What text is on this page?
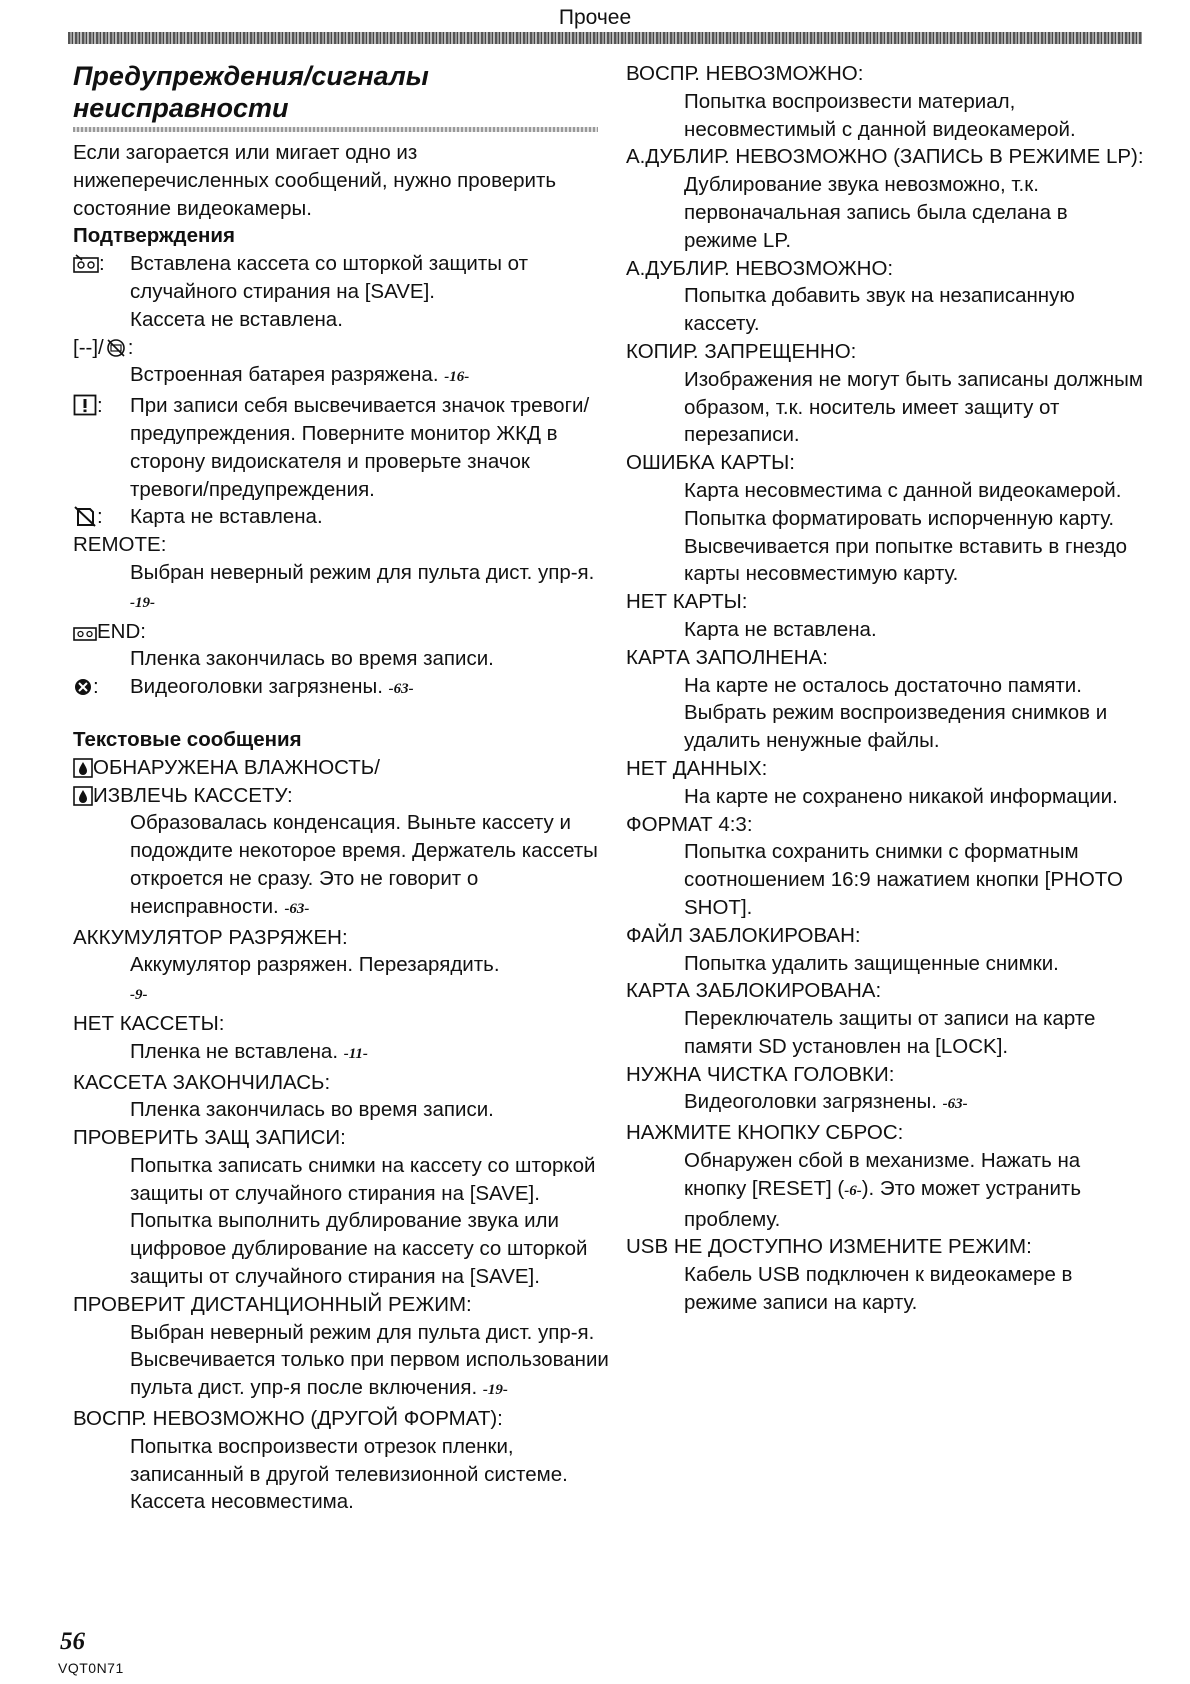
Прочее
Предупреждения/сигналы неисправности

Если загорается или мигает одно из нижеперечисленных сообщений, нужно проверить состояние видеокамеры.

Подтверждения

:	Вставлена кассета со шторкой защиты от случайного стирания на [SAVE].
Кассета не вставлена.

[--]/ :

Встроенная батарея разряжена. -16-

:	При записи себя высвечивается значок тревоги/предупреждения. Поверните монитор ЖКД в сторону видоискателя и проверьте значок тревоги/предупреждения.
:	Карта не вставлена.

REMOTE:

Выбран неверный режим для пульта дист. упр-я. -19-

END:

Пленка закончилась во время записи.

:	Видеоголовки загрязнены. -63-

Текстовые сообщения

ОБНАРУЖЕНА ВЛАЖНОСТЬ/

ИЗВЛЕЧЬ КАССЕТУ:

Образовалась конденсация. Выньте кассету и подождите некоторое время. Держатель кассеты откроется не сразу. Это не говорит о неисправности. -63-

АККУМУЛЯТОР РАЗРЯЖЕН:

Аккумулятор разряжен. Перезарядить.
-9-

НЕТ КАССЕТЫ:

Пленка не вставлена. -11-

КАССЕТА ЗАКОНЧИЛАСЬ:

Пленка закончилась во время записи.

ПРОВЕРИТЬ ЗАЩ ЗАПИСИ:

Попытка записать снимки на кассету со шторкой защиты от случайного стирания на [SAVE].

Попытка выполнить дублирование звука или цифровое дублирование на кассету со шторкой защиты от случайного стирания на [SAVE].

ПРОВЕРИТ ДИСТАНЦИОННЫЙ РЕЖИМ:

Выбран неверный режим для пульта дист. упр-я. Высвечивается только при первом использовании пульта дист. упр-я после включения. -19-

ВОСПР. НЕВОЗМОЖНО (ДРУГОЙ ФОРМАТ):

Попытка воспроизвести отрезок пленки, записанный в другой телевизионной системе. Кассета несовместима.

ВОСПР. НЕВОЗМОЖНО:

Попытка воспроизвести материал, несовместимый с данной видеокамерой.

А.ДУБЛИР. НЕВОЗМОЖНО (ЗАПИСЬ В РЕЖИМЕ LP):

Дублирование звука невозможно, т.к. первоначальная запись была сделана в режиме LP.

А.ДУБЛИР. НЕВОЗМОЖНО:

Попытка добавить звук на незаписанную кассету.

КОПИР. ЗАПРЕЩЕННО:

Изображения не могут быть записаны должным образом, т.к. носитель имеет защиту от перезаписи.

ОШИБКА КАРТЫ:

Карта несовместима с данной видеокамерой.

Попытка форматировать испорченную карту.

Высвечивается при попытке вставить в гнездо карты несовместимую карту.

НЕТ КАРТЫ:

Карта не вставлена.

КАРТА ЗАПОЛНЕНА:

На карте не осталось достаточно памяти.

Выбрать режим воспроизведения снимков и удалить ненужные файлы.

НЕТ ДАННЫХ:

На карте не сохранено никакой информации.

ФОРМАТ 4:3:

Попытка сохранить снимки с форматным соотношением 16:9 нажатием кнопки [PHOTO SHOT].

ФАЙЛ ЗАБЛОКИРОВАН:

Попытка удалить защищенные снимки.

КАРТА ЗАБЛОКИРОВАНА:

Переключатель защиты от записи на карте памяти SD установлен на [LOCK].

НУЖНА ЧИСТКА ГОЛОВКИ:

Видеоголовки загрязнены. -63-

НАЖМИТЕ КНОПКУ СБРОС:

Обнаружен сбой в механизме. Нажать на кнопку [RESET] (-6-). Это может устранить проблему.

USB НЕ ДОСТУПНО ИЗМЕНИТЕ РЕЖИМ:

Кабель USB подключен к видеокамере в режиме записи на карту.

56
VQT0N71
